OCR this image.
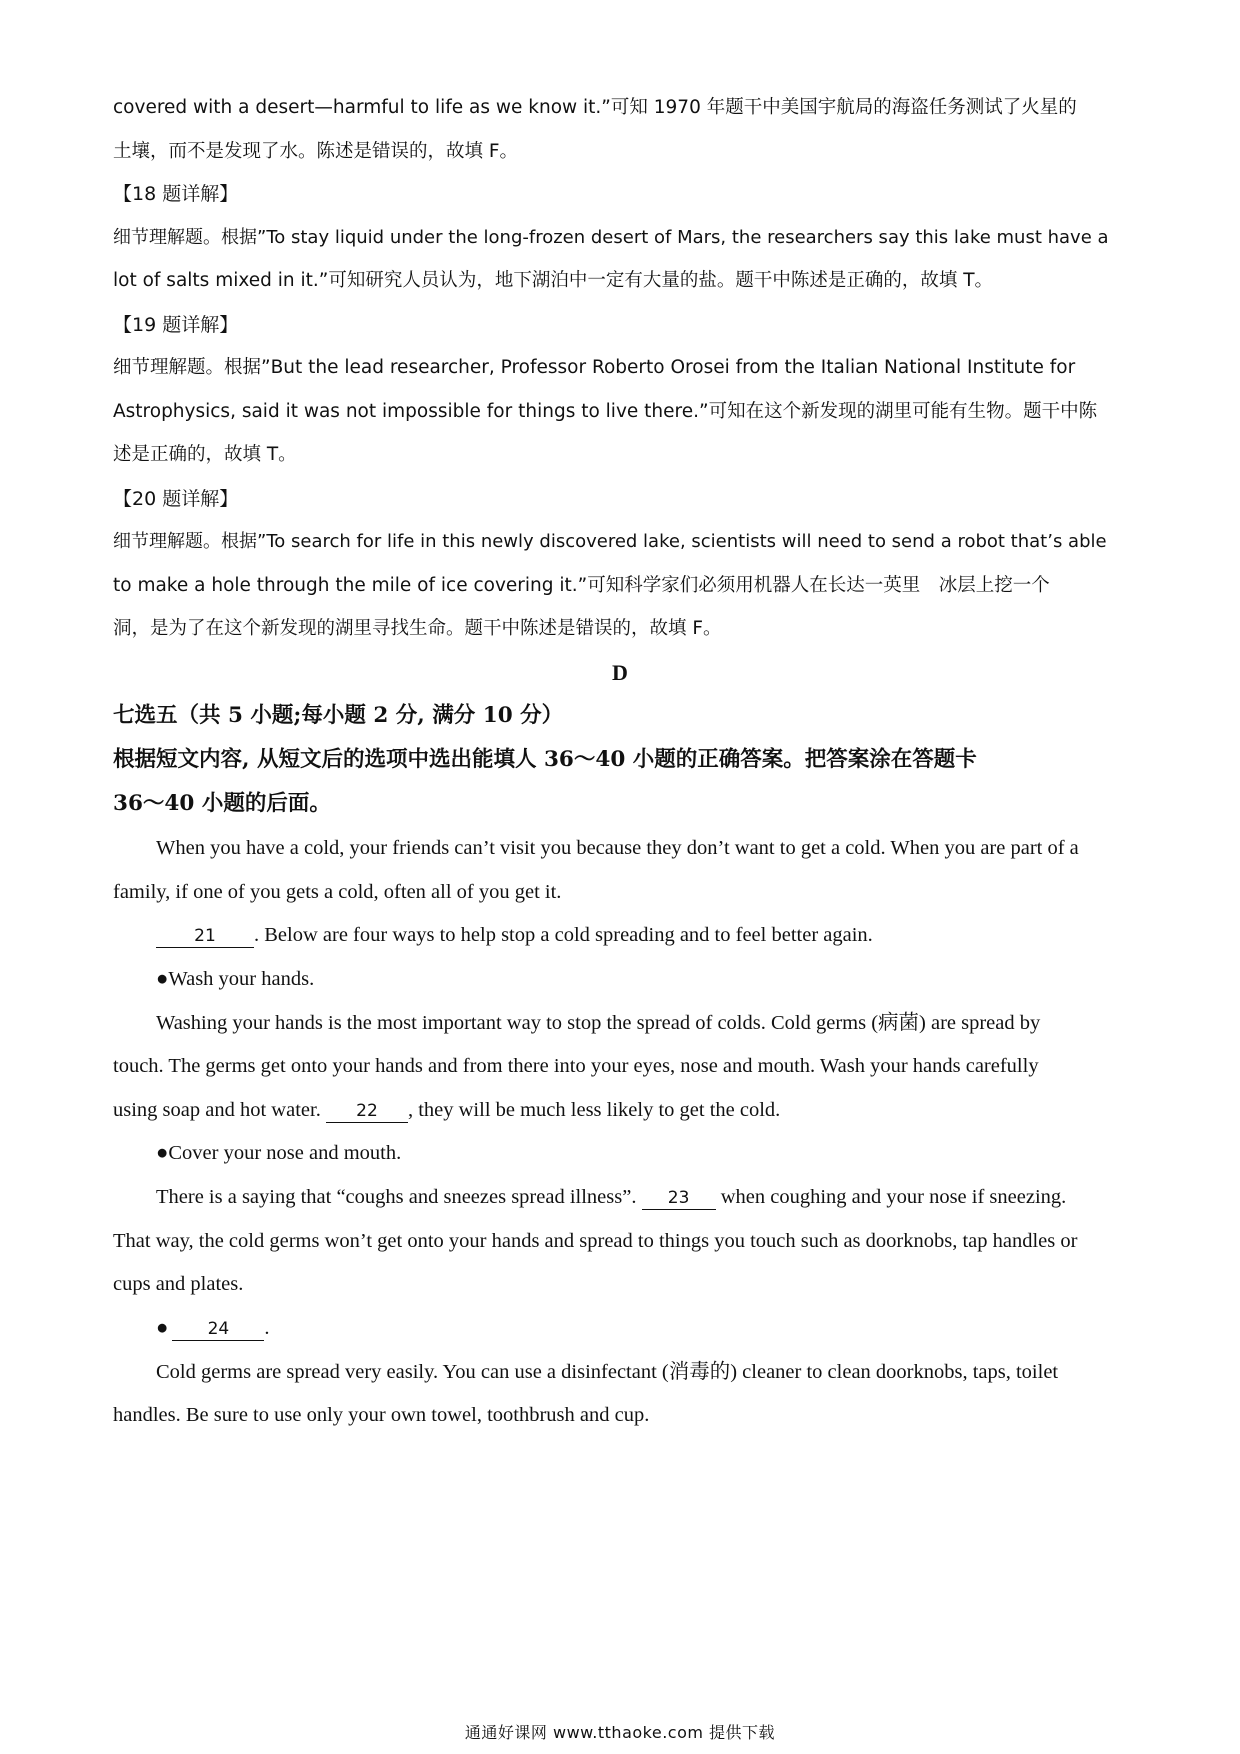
covered with a desert—harmful to life as we know it.”可知 1970 年题干中美国宇航局的海盗任务测试了火星的
土壤，而不是发现了水。陈述是错误的，故填 F。
【18 题详解】
细节理解题。根据”To stay liquid under the long-frozen desert of Mars, the researchers say this lake must have a
lot of salts mixed in it.”可知研究人员认为，地下湖泊中一定有大量的盐。题干中陈述是正确的，故填 T。
【19 题详解】
细节理解题。根据”But the lead researcher, Professor Roberto Orosei from the Italian National Institute for
Astrophysics, said it was not impossible for things to live there.”可知在这个新发现的湖里可能有生物。题干中陈
述是正确的，故填 T。
【20 题详解】
细节理解题。根据”To search for life in this newly discovered lake, scientists will need to send a robot that’s able
to make a hole through the mile of ice covering it.”可知科学家们必须用机器人在长达一英里　冰层上挖一个
洞，是为了在这个新发现的湖里寻找生命。题干中陈述是错误的，故填 F。
D
七选五（共 5 小题;每小题 2 分, 满分 10 分）
根据短文内容, 从短文后的选项中选出能填人 36～40 小题的正确答案。把答案涂在答题卡
36～40 小题的后面。
When you have a cold, your friends can’t visit you because they don’t want to get a cold. When you are part of a
family, if one of you gets a cold, often all of you get it.
21 . Below are four ways to help stop a cold spreading and to feel better again.
●Wash your hands.
Washing your hands is the most important way to stop the spread of colds. Cold germs (病菌) are spread by
touch. The germs get onto your hands and from there into your eyes, nose and mouth. Wash your hands carefully
using soap and hot water. 22 , they will be much less likely to get the cold.
●Cover your nose and mouth.
There is a saying that “coughs and sneezes spread illness”. 23 when coughing and your nose if sneezing.
That way, the cold germs won’t get onto your hands and spread to things you touch such as doorknobs, tap handles or
cups and plates.
● 24 .
Cold germs are spread very easily. You can use a disinfectant (消毒的) cleaner to clean doorknobs, taps, toilet
handles. Be sure to use only your own towel, toothbrush and cup.
通通好课网 www.tthaoke.com 提供下载
